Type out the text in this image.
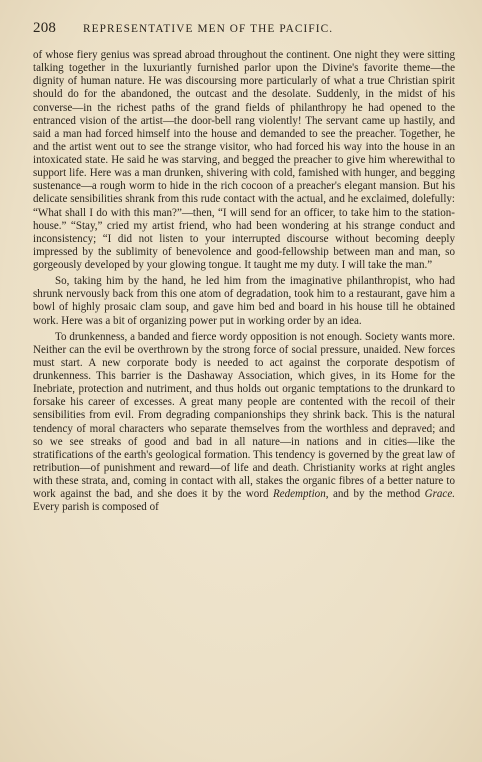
208	REPRESENTATIVE MEN OF THE PACIFIC.

of whose fiery genius was spread abroad throughout the continent. One night they were sitting talking together in the luxuriantly furnished parlor upon the Divine's favorite theme—the dignity of human nature. He was discoursing more particularly of what a true Christian spirit should do for the abandoned, the outcast and the desolate. Suddenly, in the midst of his converse—in the richest paths of the grand fields of philanthropy he had opened to the entranced vision of the artist—the door-bell rang violently! The servant came up hastily, and said a man had forced himself into the house and demanded to see the preacher. Together, he and the artist went out to see the strange visitor, who had forced his way into the house in an intoxicated state. He said he was starving, and begged the preacher to give him wherewithal to support life. Here was a man drunken, shivering with cold, famished with hunger, and begging sustenance—a rough worm to hide in the rich cocoon of a preacher's elegant mansion. But his delicate sensibilities shrank from this rude contact with the actual, and he exclaimed, dolefully: “What shall I do with this man?”—then, “I will send for an officer, to take him to the station-house.” “Stay,” cried my artist friend, who had been wondering at his strange conduct and inconsistency; “I did not listen to your interrupted discourse without becoming deeply impressed by the sublimity of benevolence and good-fellowship between man and man, so gorgeously developed by your glowing tongue. It taught me my duty. I will take the man.”

So, taking him by the hand, he led him from the imaginative philanthropist, who had shrunk nervously back from this one atom of degradation, took him to a restaurant, gave him a bowl of highly prosaic clam soup, and gave him bed and board in his house till he obtained work. Here was a bit of organizing power put in working order by an idea.

To drunkenness, a banded and fierce wordy opposition is not enough. Society wants more. Neither can the evil be overthrown by the strong force of social pressure, unaided. New forces must start. A new corporate body is needed to act against the corporate despotism of drunkenness. This barrier is the Dashaway Association, which gives, in its Home for the Inebriate, protection and nutriment, and thus holds out organic temptations to the drunkard to forsake his career of excesses. A great many people are contented with the recoil of their sensibilities from evil. From degrading companionships they shrink back. This is the natural tendency of moral characters who separate themselves from the worthless and depraved; and so we see streaks of good and bad in all nature—in nations and in cities—like the stratifications of the earth's geological formation. This tendency is governed by the great law of retribution—of punishment and reward—of life and death. Christianity works at right angles with these strata, and, coming in contact with all, stakes the organic fibres of a better nature to work against the bad, and she does it by the word Redemption, and by the method Grace. Every parish is composed of
